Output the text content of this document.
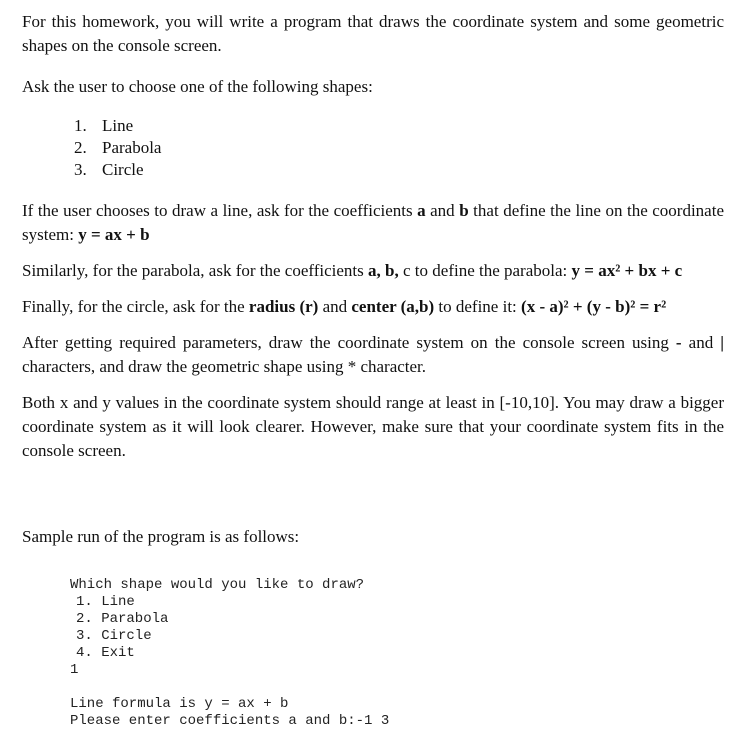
For this homework, you will write a program that draws the coordinate system and some geometric shapes on the console screen.

Ask the user to choose one of the following shapes:

1. Line
2. Parabola
3. Circle

If the user chooses to draw a line, ask for the coefficients a and b that define the line on the coordinate system: y = ax + b

Similarly, for the parabola, ask for the coefficients a, b, c to define the parabola: y = ax² + bx + c

Finally, for the circle, ask for the radius (r) and center (a,b) to define it: (x - a)² + (y - b)² = r²

After getting required parameters, draw the coordinate system on the console screen using - and | characters, and draw the geometric shape using * character.

Both x and y values in the coordinate system should range at least in [-10,10]. You may draw a bigger coordinate system as it will look clearer. However, make sure that your coordinate system fits in the console screen.

Sample run of the program is as follows:

Which shape would you like to draw?
1. Line
2. Parabola
3. Circle
4. Exit
1
Line formula is y = ax + b
Please enter coefficients a and b:-1 3
